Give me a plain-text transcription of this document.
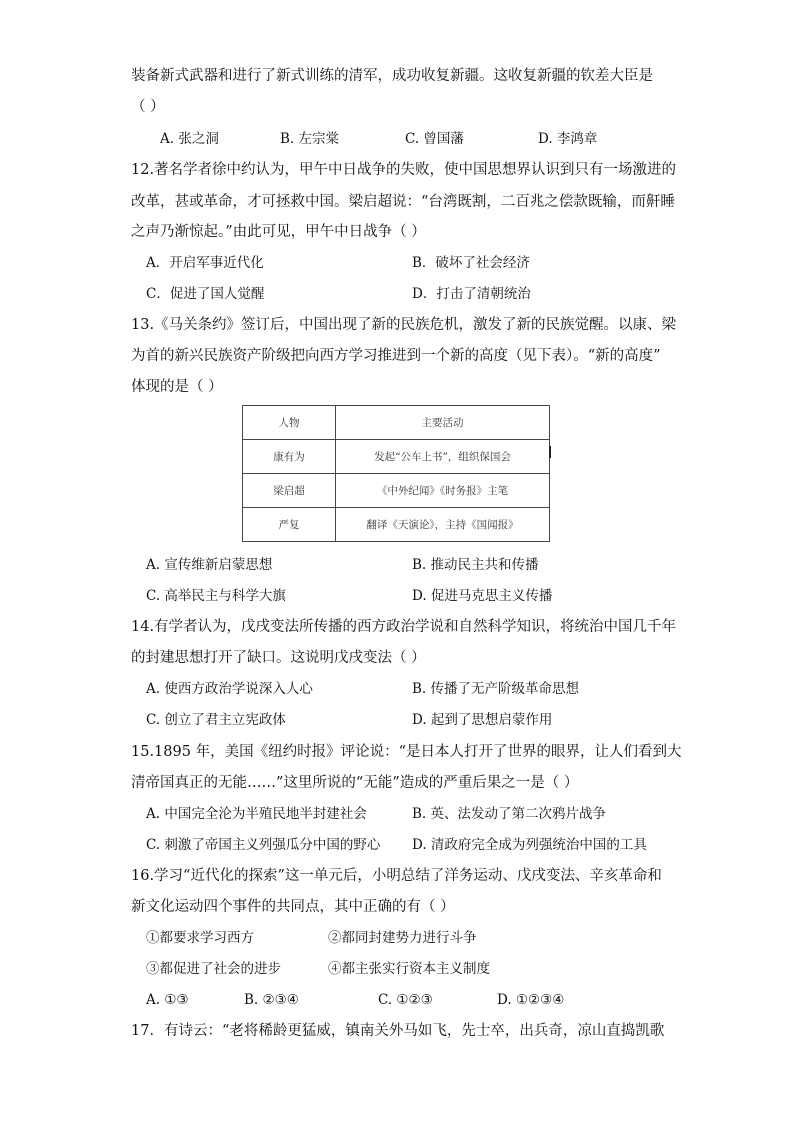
装备新式武器和进行了新式训练的清军，成功收复新疆。这收复新疆的钦差大臣是
（ ）
A. 张之洞	B. 左宗棠	C. 曾国藩	D. 李鸿章
12.著名学者徐中约认为，甲午中日战争的失败，使中国思想界认识到只有一场激进的
改革，甚或革命，才可拯救中国。梁启超说：“台湾既割，二百兆之偿款既输，而鼾睡
之声乃渐惊起。”由此可见，甲午中日战争（ ）
A．开启军事近代化	B．破坏了社会经济
C．促进了国人觉醒	D．打击了清朝统治
13.《马关条约》签订后，中国出现了新的民族危机，激发了新的民族觉醒。以康、梁
为首的新兴民族资产阶级把向西方学习推进到一个新的高度（见下表）。“新的高度”
体现的是（ ）
人物	主要活动
康有为	发起“公车上书”，组织保国会
梁启超	《中外纪闻》《时务报》主笔
严复	翻译《天演论》，主持《国闻报》
A. 宣传维新启蒙思想	B. 推动民主共和传播
C. 高举民主与科学大旗	D. 促进马克思主义传播
14.有学者认为，戊戌变法所传播的西方政治学说和自然科学知识，将统治中国几千年
的封建思想打开了缺口。这说明戊戌变法（ ）
A. 使西方政治学说深入人心	B. 传播了无产阶级革命思想
C. 创立了君主立宪政体	D. 起到了思想启蒙作用
15.1895 年，美国《纽约时报》评论说：“是日本人打开了世界的眼界，让人们看到大
清帝国真正的无能……”这里所说的“无能”造成的严重后果之一是（ ）
A. 中国完全沦为半殖民地半封建社会	B. 英、法发动了第二次鸦片战争
C. 刺激了帝国主义列强瓜分中国的野心 D. 清政府完全成为列强统治中国的工具
16.学习“近代化的探索”这一单元后，小明总结了洋务运动、戊戌变法、辛亥革命和
新文化运动四个事件的共同点，其中正确的有（ ）
①都要求学习西方	②都同封建势力进行斗争
③都促进了社会的进步	④都主张实行资本主义制度
A. ①③	B. ②③④	C. ①②③	D. ①②③④
17．有诗云：“老将稀龄更猛威，镇南关外马如飞，先士卒，出兵奇，凉山直捣凯歌
